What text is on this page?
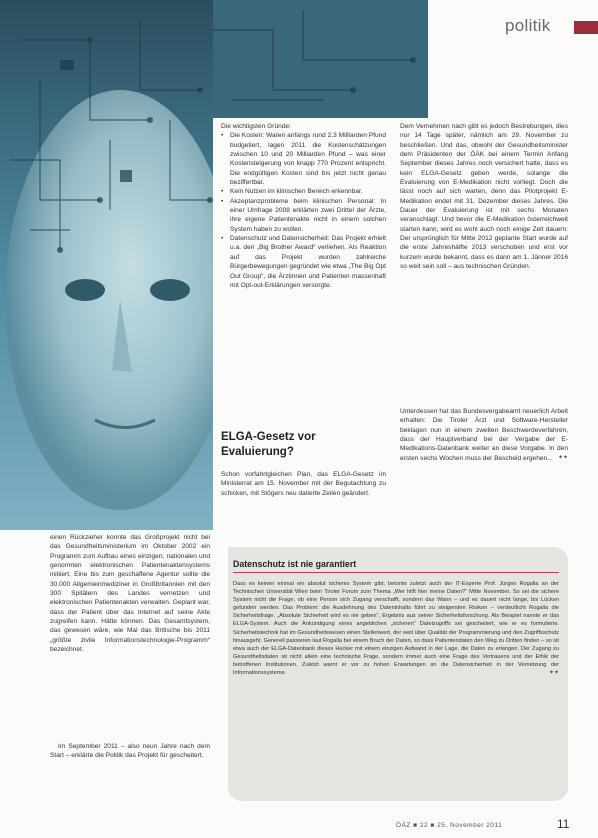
politik

Die wichtigsten Gründe:

• Die Kosten: Waren anfangs rund 2,3 Milliarden Pfund budgetiert, lagen 2011 die Kostenschätzungen zwischen 10 und 20 Milliarden Pfund – was einer Kostensteigerung von knapp 770 Prozent entspricht. Die endgültigen Kosten sind bis jetzt nicht genau beziffertbar.
• Kein Nutzen im klinischen Bereich erkennbar.
• Akzeptanzprobleme beim klinischen Personal: In einer Umfrage 2008 erklärten zwei Drittel der Ärzte, ihre eigene Patientenakte nicht in einem solchen System haben zu wollen.
• Datenschutz und Datensicherheit: Das Projekt erhielt u.a. den „Big Brother Award“ verliehen. Als Reaktion auf das Projekt wurden zahlreiche Bürgerbewegungen gegründet wie etwa „The Big Opt Out Group“, die Ärztinnen und Patienten massenhaft mit Opt-out-Erklärungen versorgte.
ELGA-Gesetz vor Evaluierung?

Schon vorfahrtgleichen Plan, das ELGA-Gesetz im Ministerrat am 15. November mit der Begutachtung zu schicken, mit Stögers neu datierte Zeilen geändert.

Dem Vernehmen nach gibt es jedoch Bestrebungen, dies nur 14 Tage später, nämlich am 29. November zu beschließen. Und das, obwohl der Gesundheitsminister dem Präsidenten der ÖÄK bei einem Termin Anfang September dieses Jahres noch versichert hatte, dass es kein ELGA-Gesetz geben werde, solange die Evaluierung von E-Medikation nicht vorliegt. Doch die lässt noch auf sich warten, denn das Pilotprojekt E-Medikation endet mit 31. Dezember dieses Jahres. Die Dauer der Evaluierung ist mit sechs Monaten veranschlagt. Und bevor die E-Medikation österreichweit starten kann, wird es wohl auch noch einige Zeit dauern: Der ursprünglich für Mitte 2012 geplante Start wurde auf die erste Jahreshälfte 2013 verschoben und erst vor kurzem wurde bekannt, dass es dann am 1. Jänner 2016 so weit sein soll – aus technischen Gründen.

Unterdessen hat das Bundesvergabeamt neuerlich Arbeit erhalten: Die Tiroler Ärzt und Software-Hersteller beklagen nun in einem zweiten Beschwerdeverfahren, dass der Hauptverband bei der Vergabe der E-Medikations-Datenbank weiter an diese Vorgabe. In den ersten sechs Wochen muss der Bescheid ergehen... ✦✦

einen Rückzieher konnte das Großprojekt nicht bei das Gesundheitsministerium im Oktober 2002 ein Programm zum Aufbau eines einzigen, nationalen und genormten elektronischen Patientenaktensystems initiiert. Eine bis zum geschaffene Agentur sollte die 30.000 Allgemeinmediziner in Großbritannien mit den 300 Spitälern des Landes vernetzen und elektronischen Patientenakten verwalten. Geplant war, dass der Patient über das Internet auf seine Akte zugreifen kann. Hätte können. Das Gesamtsystem, das gewesen wäre, wie Mal das Britische bis 2011 „größte zivile Informationstechnologie-Programm“ bezeichnet.

Im September 2011 – also neun Jahre nach dem Start – erklärte die Politik das Projekt für gescheitert.

Datenschutz ist nie garantiert
Dass es keinen einmal ein absolut sicheres System gibt, betonte zuletzt auch der IT-Experte Prof. Jürgen Rogalla an der Technischen Universität Wien beim Tiroler Forum zum Thema „Wer hilft hier meine Daten?“ Mitte November. So sei die sichere System nicht die Frage, ob eine Person sich Zugang verschafft, sondern das Wann – und es dauert nicht lange, bis Lücken gefunden werden. Das Problem: die Ausdehnung des Dateninhalts führt zu steigenden Risiken – verdeutlicht Rogalla die Sicherheitsfrage. „Absolute Sicherheit wird es nie geben“, Ergebnis aus seiner Sicherheitsforschung. Als Beispiel nannte er das ELGA-System. Auch die Ankündigung eines angeblichen „sicheren“ Dateizugriffs sei gescheitert, wie er es formulierte. Sicherheitstechnik hat im Gesundheitswesen einen Stellenwert, der weit über Qualität der Programmierung und den Zugriffsschutz hinausgeht. Generell passieren laut Rogalla bei einem Bruch der Daten, so dass Patientendaten den Weg zu Dritten finden – so ist etwa auch der ELGA-Datenbank dieses Hacker mit einem einzigen Aufwand in der Lage, die Daten zu erlangen. Der Zugang zu Gesundheitsdaten ist nicht allein eine technische Frage, sondern immer auch eine Frage des Vertrauens und der Ethik der betroffenen Institutionen. Zuletzt warnt er vor zu hohen Erwartungen an die Datensicherheit in der Vernetzung der Informationssysteme.	✦✦
ÖÄZ ■ 22 ■ 25. November 2011	11
